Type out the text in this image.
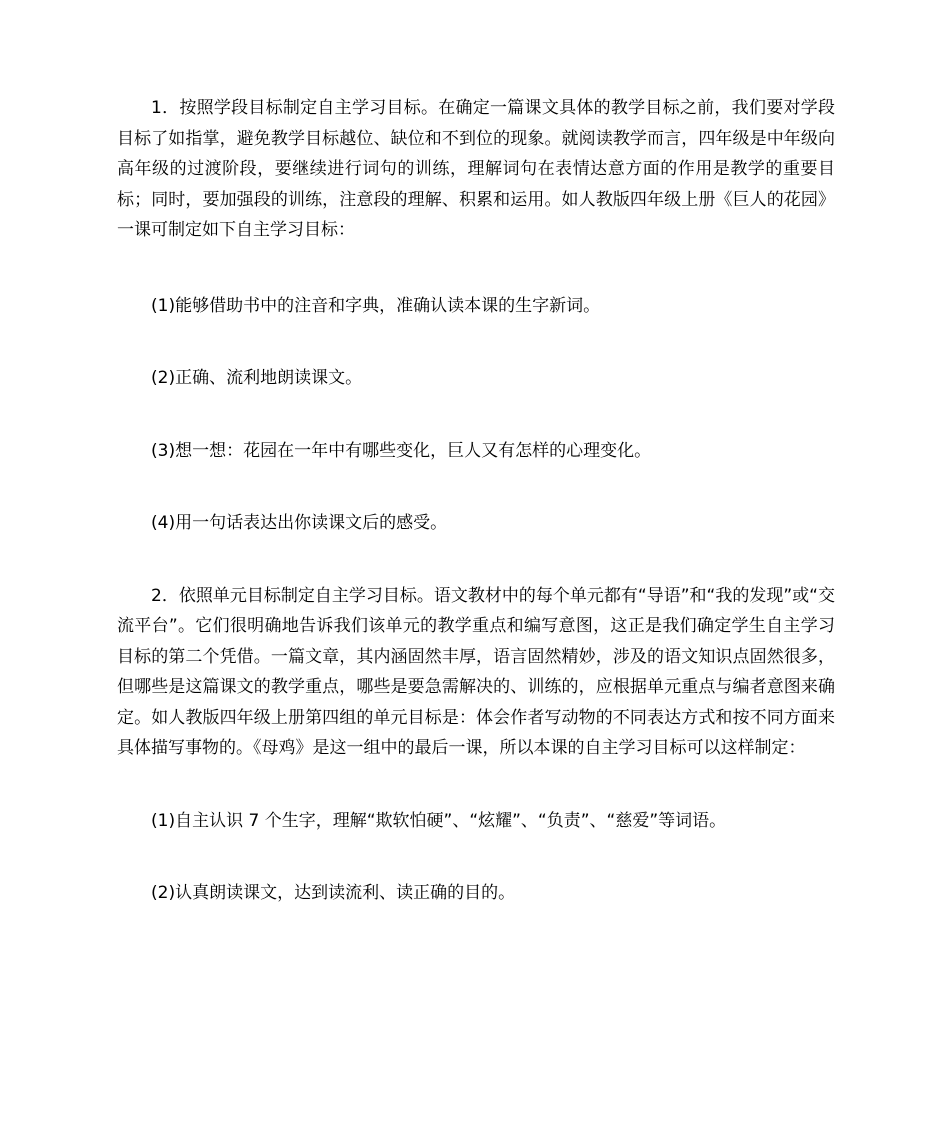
1．按照学段目标制定自主学习目标。在确定一篇课文具体的教学目标之前，我们要对学段目标了如指掌，避免教学目标越位、缺位和不到位的现象。就阅读教学而言，四年级是中年级向高年级的过渡阶段，要继续进行词句的训练，理解词句在表情达意方面的作用是教学的重要目标；同时，要加强段的训练，注意段的理解、积累和运用。如人教版四年级上册《巨人的花园》一课可制定如下自主学习目标：

(1)能够借助书中的注音和字典，准确认读本课的生字新词。

(2)正确、流利地朗读课文。

(3)想一想：花园在一年中有哪些变化，巨人又有怎样的心理变化。

(4)用一句话表达出你读课文后的感受。

2．依照单元目标制定自主学习目标。语文教材中的每个单元都有“导语”和“我的发现”或“交流平台”。它们很明确地告诉我们该单元的教学重点和编写意图，这正是我们确定学生自主学习目标的第二个凭借。一篇文章，其内涵固然丰厚，语言固然精妙，涉及的语文知识点固然很多，但哪些是这篇课文的教学重点，哪些是要急需解决的、训练的，应根据单元重点与编者意图来确定。如人教版四年级上册第四组的单元目标是：体会作者写动物的不同表达方式和按不同方面来具体描写事物的。《母鸡》是这一组中的最后一课，所以本课的自主学习目标可以这样制定：

(1)自主认识 7 个生字，理解“欺软怕硬”、“炫耀”、“负责”、“慈爱”等词语。

(2)认真朗读课文，达到读流利、读正确的目的。
